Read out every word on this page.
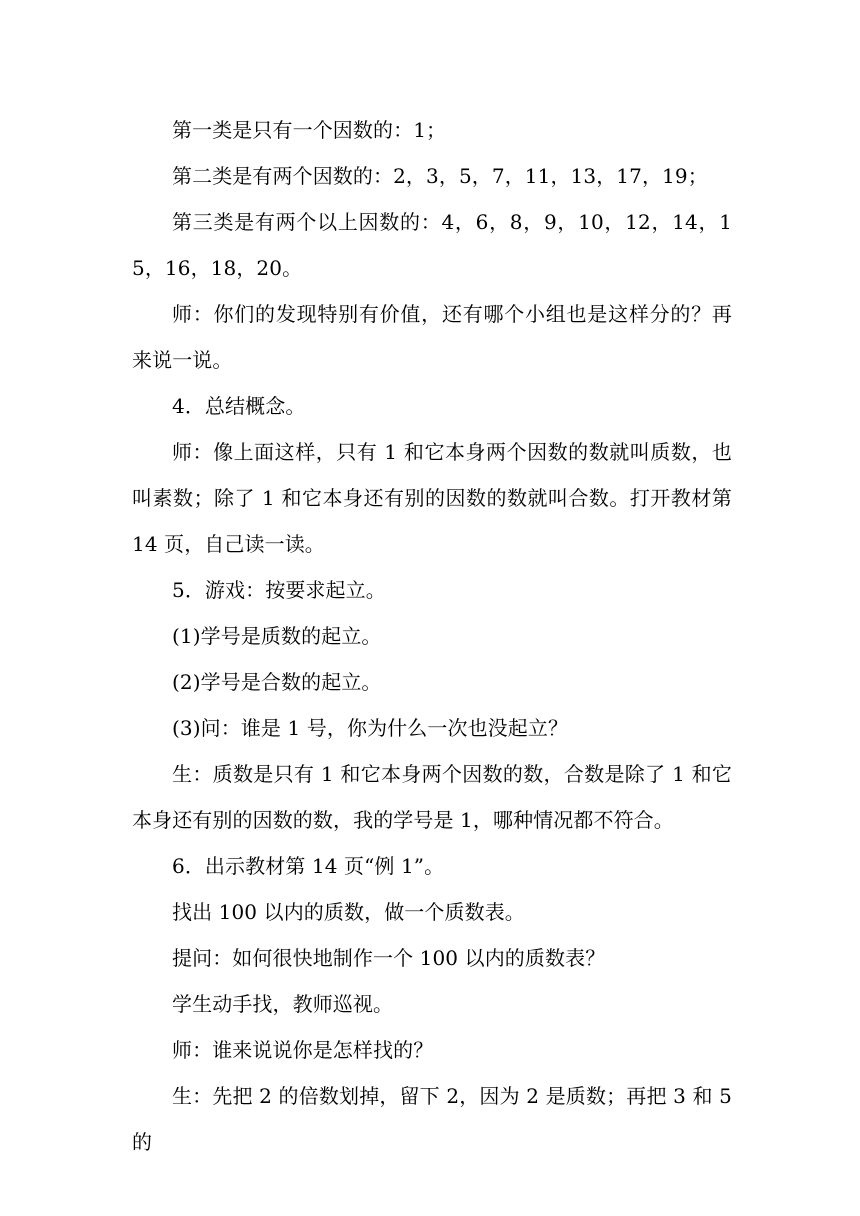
第一类是只有一个因数的：1；

第二类是有两个因数的：2，3，5，7，11，13，17，19；

第三类是有两个以上因数的：4，6，8，9，10，12，14，15，16，18，20。

师：你们的发现特别有价值，还有哪个小组也是这样分的？再来说一说。

4．总结概念。

师：像上面这样，只有 1 和它本身两个因数的数就叫质数，也叫素数；除了 1 和它本身还有别的因数的数就叫合数。打开教材第 14 页，自己读一读。

5．游戏：按要求起立。

(1)学号是质数的起立。

(2)学号是合数的起立。

(3)问：谁是 1 号，你为什么一次也没起立？

生：质数是只有 1 和它本身两个因数的数，合数是除了 1 和它本身还有别的因数的数，我的学号是 1，哪种情况都不符合。

6．出示教材第 14 页“例 1”。

找出 100 以内的质数，做一个质数表。

提问：如何很快地制作一个 100 以内的质数表？

学生动手找，教师巡视。

师：谁来说说你是怎样找的？

生：先把 2 的倍数划掉，留下 2，因为 2 是质数；再把 3 和 5 的
